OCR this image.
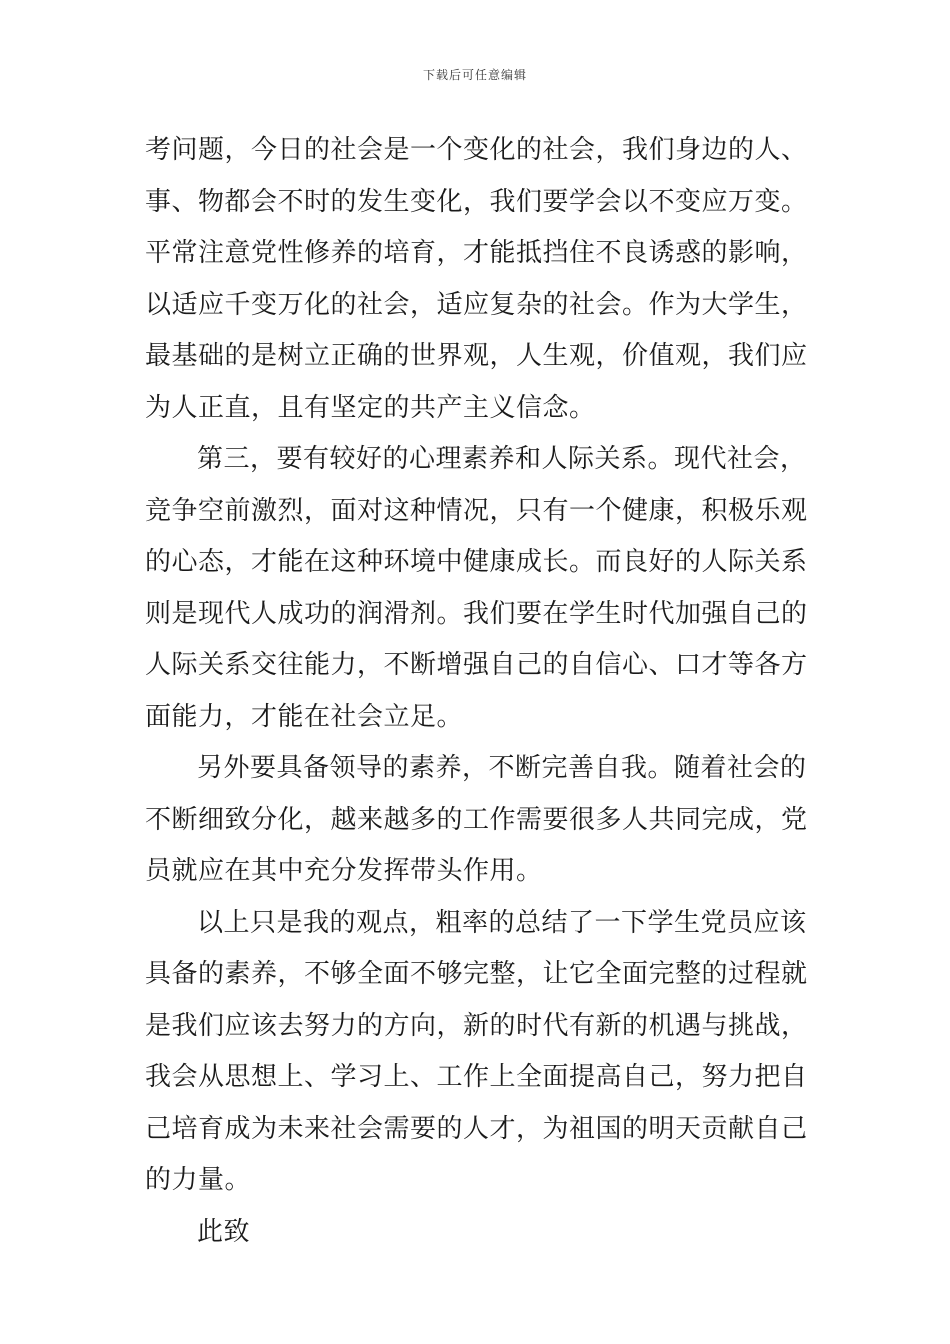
下载后可任意编辑
考问题，今日的社会是一个变化的社会，我们身边的人、
事、物都会不时的发生变化，我们要学会以不变应万变。
平常注意党性修养的培育，才能抵挡住不良诱惑的影响，
以适应千变万化的社会，适应复杂的社会。作为大学生，
最基础的是树立正确的世界观，人生观，价值观，我们应
为人正直，且有坚定的共产主义信念。
第三，要有较好的心理素养和人际关系。现代社会，
竞争空前激烈，面对这种情况，只有一个健康，积极乐观
的心态，才能在这种环境中健康成长。而良好的人际关系
则是现代人成功的润滑剂。我们要在学生时代加强自己的
人际关系交往能力，不断增强自己的自信心、口才等各方
面能力，才能在社会立足。
另外要具备领导的素养，不断完善自我。随着社会的
不断细致分化，越来越多的工作需要很多人共同完成，党
员就应在其中充分发挥带头作用。
以上只是我的观点，粗率的总结了一下学生党员应该
具备的素养，不够全面不够完整，让它全面完整的过程就
是我们应该去努力的方向，新的时代有新的机遇与挑战，
我会从思想上、学习上、工作上全面提高自己，努力把自
己培育成为未来社会需要的人才，为祖国的明天贡献自己
的力量。
此致
